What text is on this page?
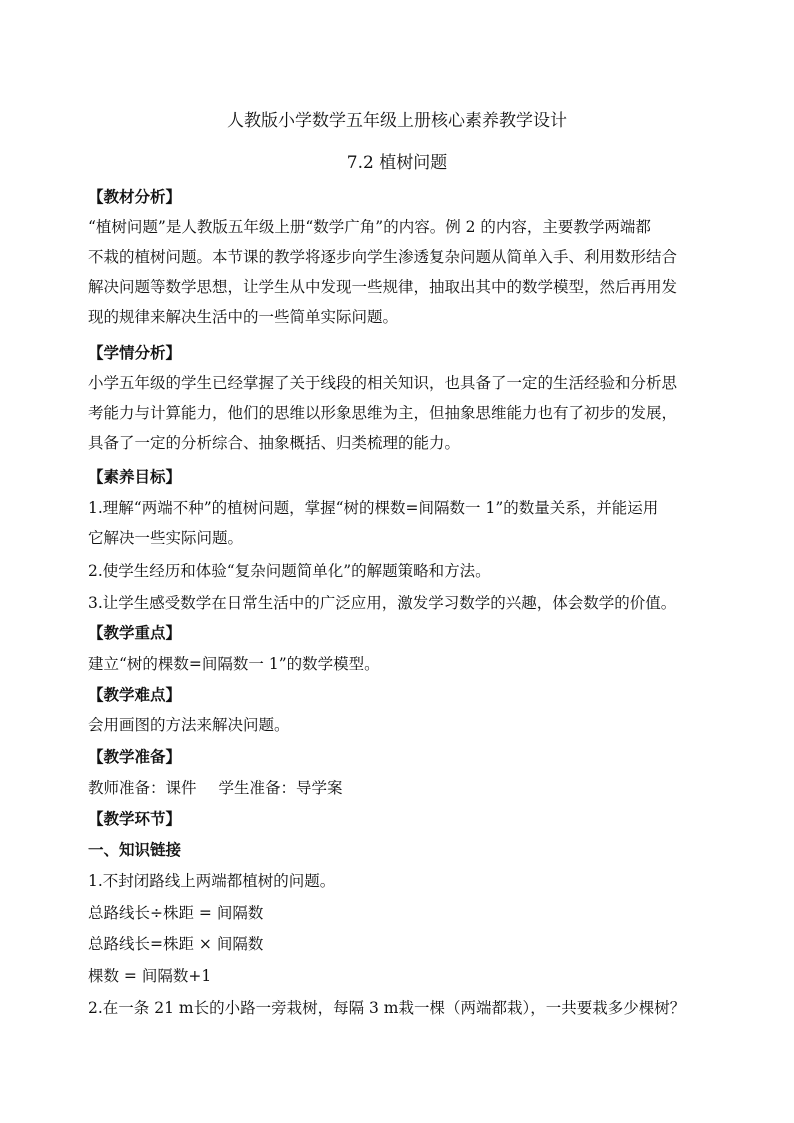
人教版小学数学五年级上册核心素养教学设计
7.2 植树问题
【教材分析】
“植树问题”是人教版五年级上册“数学广角”的内容。例 2 的内容，主要教学两端都
不栽的植树问题。本节课的教学将逐步向学生渗透复杂问题从简单入手、利用数形结合
解决问题等数学思想，让学生从中发现一些规律，抽取出其中的数学模型，然后再用发
现的规律来解决生活中的一些简单实际问题。
【学情分析】
小学五年级的学生已经掌握了关于线段的相关知识，也具备了一定的生活经验和分析思
考能力与计算能力，他们的思维以形象思维为主，但抽象思维能力也有了初步的发展，
具备了一定的分析综合、抽象概括、归类梳理的能力。
【素养目标】
1.理解“两端不种”的植树问题，掌握“树的棵数=间隔数一 1”的数量关系，并能运用
它解决一些实际问题。
2.使学生经历和体验“复杂问题简单化”的解题策略和方法。
3.让学生感受数学在日常生活中的广泛应用，激发学习数学的兴趣，体会数学的价值。
【教学重点】
建立“树的棵数=间隔数一 1”的数学模型。
【教学难点】
会用画图的方法来解决问题。
【教学准备】
教师准备：课件 学生准备：导学案
【教学环节】
一、知识链接
1.不封闭路线上两端都植树的问题。
总路线长÷株距 = 间隔数
总路线长=株距 × 间隔数
棵数 = 间隔数+1
2.在一条 21 m长的小路一旁栽树，每隔 3 m栽一棵（两端都栽），一共要栽多少棵树？
